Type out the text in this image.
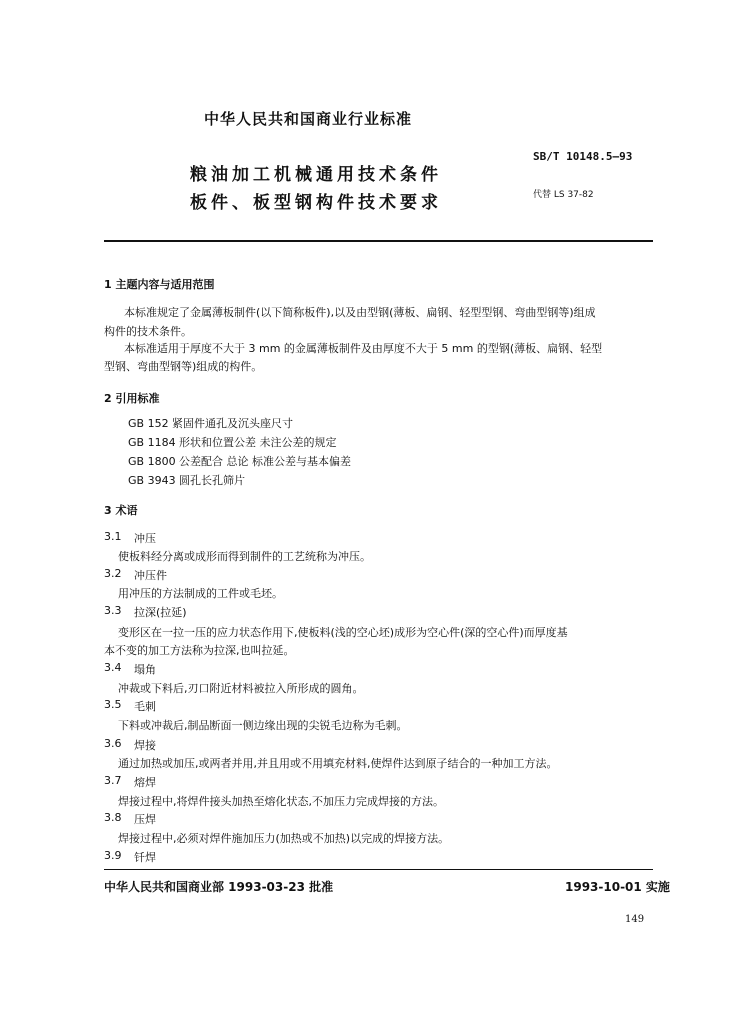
中华人民共和国商业行业标准

粮油加工机械通用技术条件

板件、板型钢构件技术要求

SB/T 10148.5—93

代替 LS 37-82

1 主题内容与适用范围

本标准规定了金属薄板制件(以下简称板件),以及由型钢(薄板、扁钢、轻型型钢、弯曲型钢等)组成

构件的技术条件。

本标准适用于厚度不大于 3 mm 的金属薄板制件及由厚度不大于 5 mm 的型钢(薄板、扁钢、轻型

型钢、弯曲型钢等)组成的构件。

2 引用标准

GB 152 紧固件通孔及沉头座尺寸

GB 1184 形状和位置公差 未注公差的规定

GB 1800 公差配合 总论 标准公差与基本偏差

GB 3943 圆孔长孔筛片

3 术语

3.1 冲压

使板料经分离或成形而得到制件的工艺统称为冲压。

3.2 冲压件

用冲压的方法制成的工件或毛坯。

3.3 拉深(拉延)

变形区在一拉一压的应力状态作用下,使板料(浅的空心坯)成形为空心件(深的空心件)而厚度基

本不变的加工方法称为拉深,也叫拉延。

3.4 塌角

冲裁或下料后,刃口附近材料被拉入所形成的圆角。

3.5 毛刺

下料或冲裁后,制品断面一侧边缘出现的尖锐毛边称为毛刺。

3.6 焊接

通过加热或加压,或两者并用,并且用或不用填充材料,使焊件达到原子结合的一种加工方法。

3.7 熔焊

焊接过程中,将焊件接头加热至熔化状态,不加压力完成焊接的方法。

3.8 压焊

焊接过程中,必须对焊件施加压力(加热或不加热)以完成的焊接方法。

3.9 钎焊

中华人民共和国商业部 1993-03-23 批准	1993-10-01 实施

149
